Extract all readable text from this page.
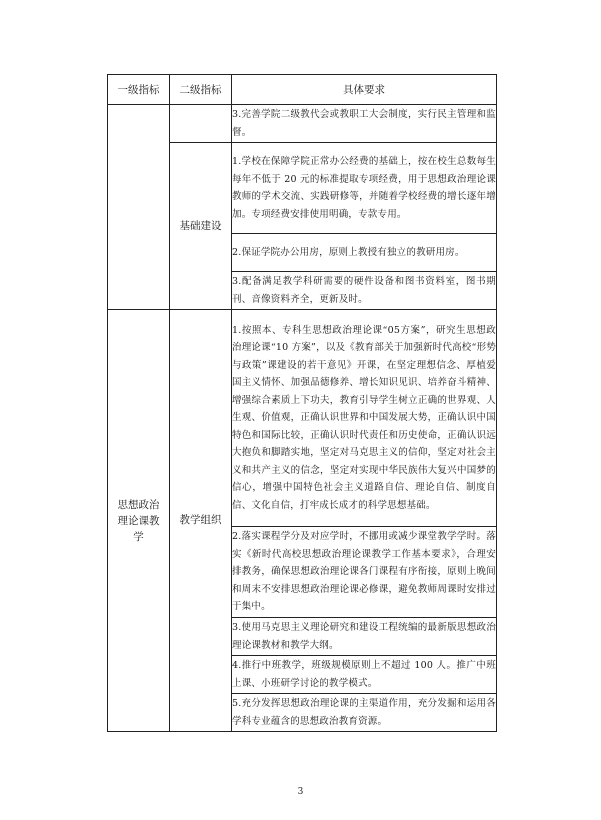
一级指标	二级指标	具体要求
		3.完善学院二级教代会或教职工大会制度，实行民主管理和监督。
	基础建设	1.学校在保障学院正常办公经费的基础上，按在校生总数每生每年不低于 20 元的标准提取专项经费，用于思想政治理论课教师的学术交流、实践研修等，并随着学校经费的增长逐年增加。专项经费安排使用明确，专款专用。
		2.保证学院办公用房，原则上教授有独立的教研用房。
		3.配备满足教学科研需要的硬件设备和图书资料室，图书期刊、音像资料齐全，更新及时。
思想政治理论课教学	教学组织	1.按照本、专科生思想政治理论课“05方案”，研究生思想政治理论课“10 方案”，以及《教育部关于加强新时代高校“形势与政策”课建设的若干意见》开课，在坚定理想信念、厚植爱国主义情怀、加强品德修养、增长知识见识、培养奋斗精神、增强综合素质上下功夫，教育引导学生树立正确的世界观、人生观、价值观，正确认识世界和中国发展大势，正确认识中国特色和国际比较，正确认识时代责任和历史使命，正确认识远大抱负和脚踏实地，坚定对马克思主义的信仰，坚定对社会主义和共产主义的信念，坚定对实现中华民族伟大复兴中国梦的信心，增强中国特色社会主义道路自信、理论自信、制度自信、文化自信，打牢成长成才的科学思想基础。
		2.落实课程学分及对应学时，不挪用或减少课堂教学学时。落实《新时代高校思想政治理论课教学工作基本要求》，合理安排教务，确保思想政治理论课各门课程有序衔接，原则上晚间和周末不安排思想政治理论课必修课，避免教师周课时安排过于集中。
		3.使用马克思主义理论研究和建设工程统编的最新版思想政治理论课教材和教学大纲。
		4.推行中班教学，班级规模原则上不超过 100 人。推广中班上课、小班研学讨论的教学模式。
		5.充分发挥思想政治理论课的主渠道作用，充分发掘和运用各学科专业蕴含的思想政治教育资源。
3
